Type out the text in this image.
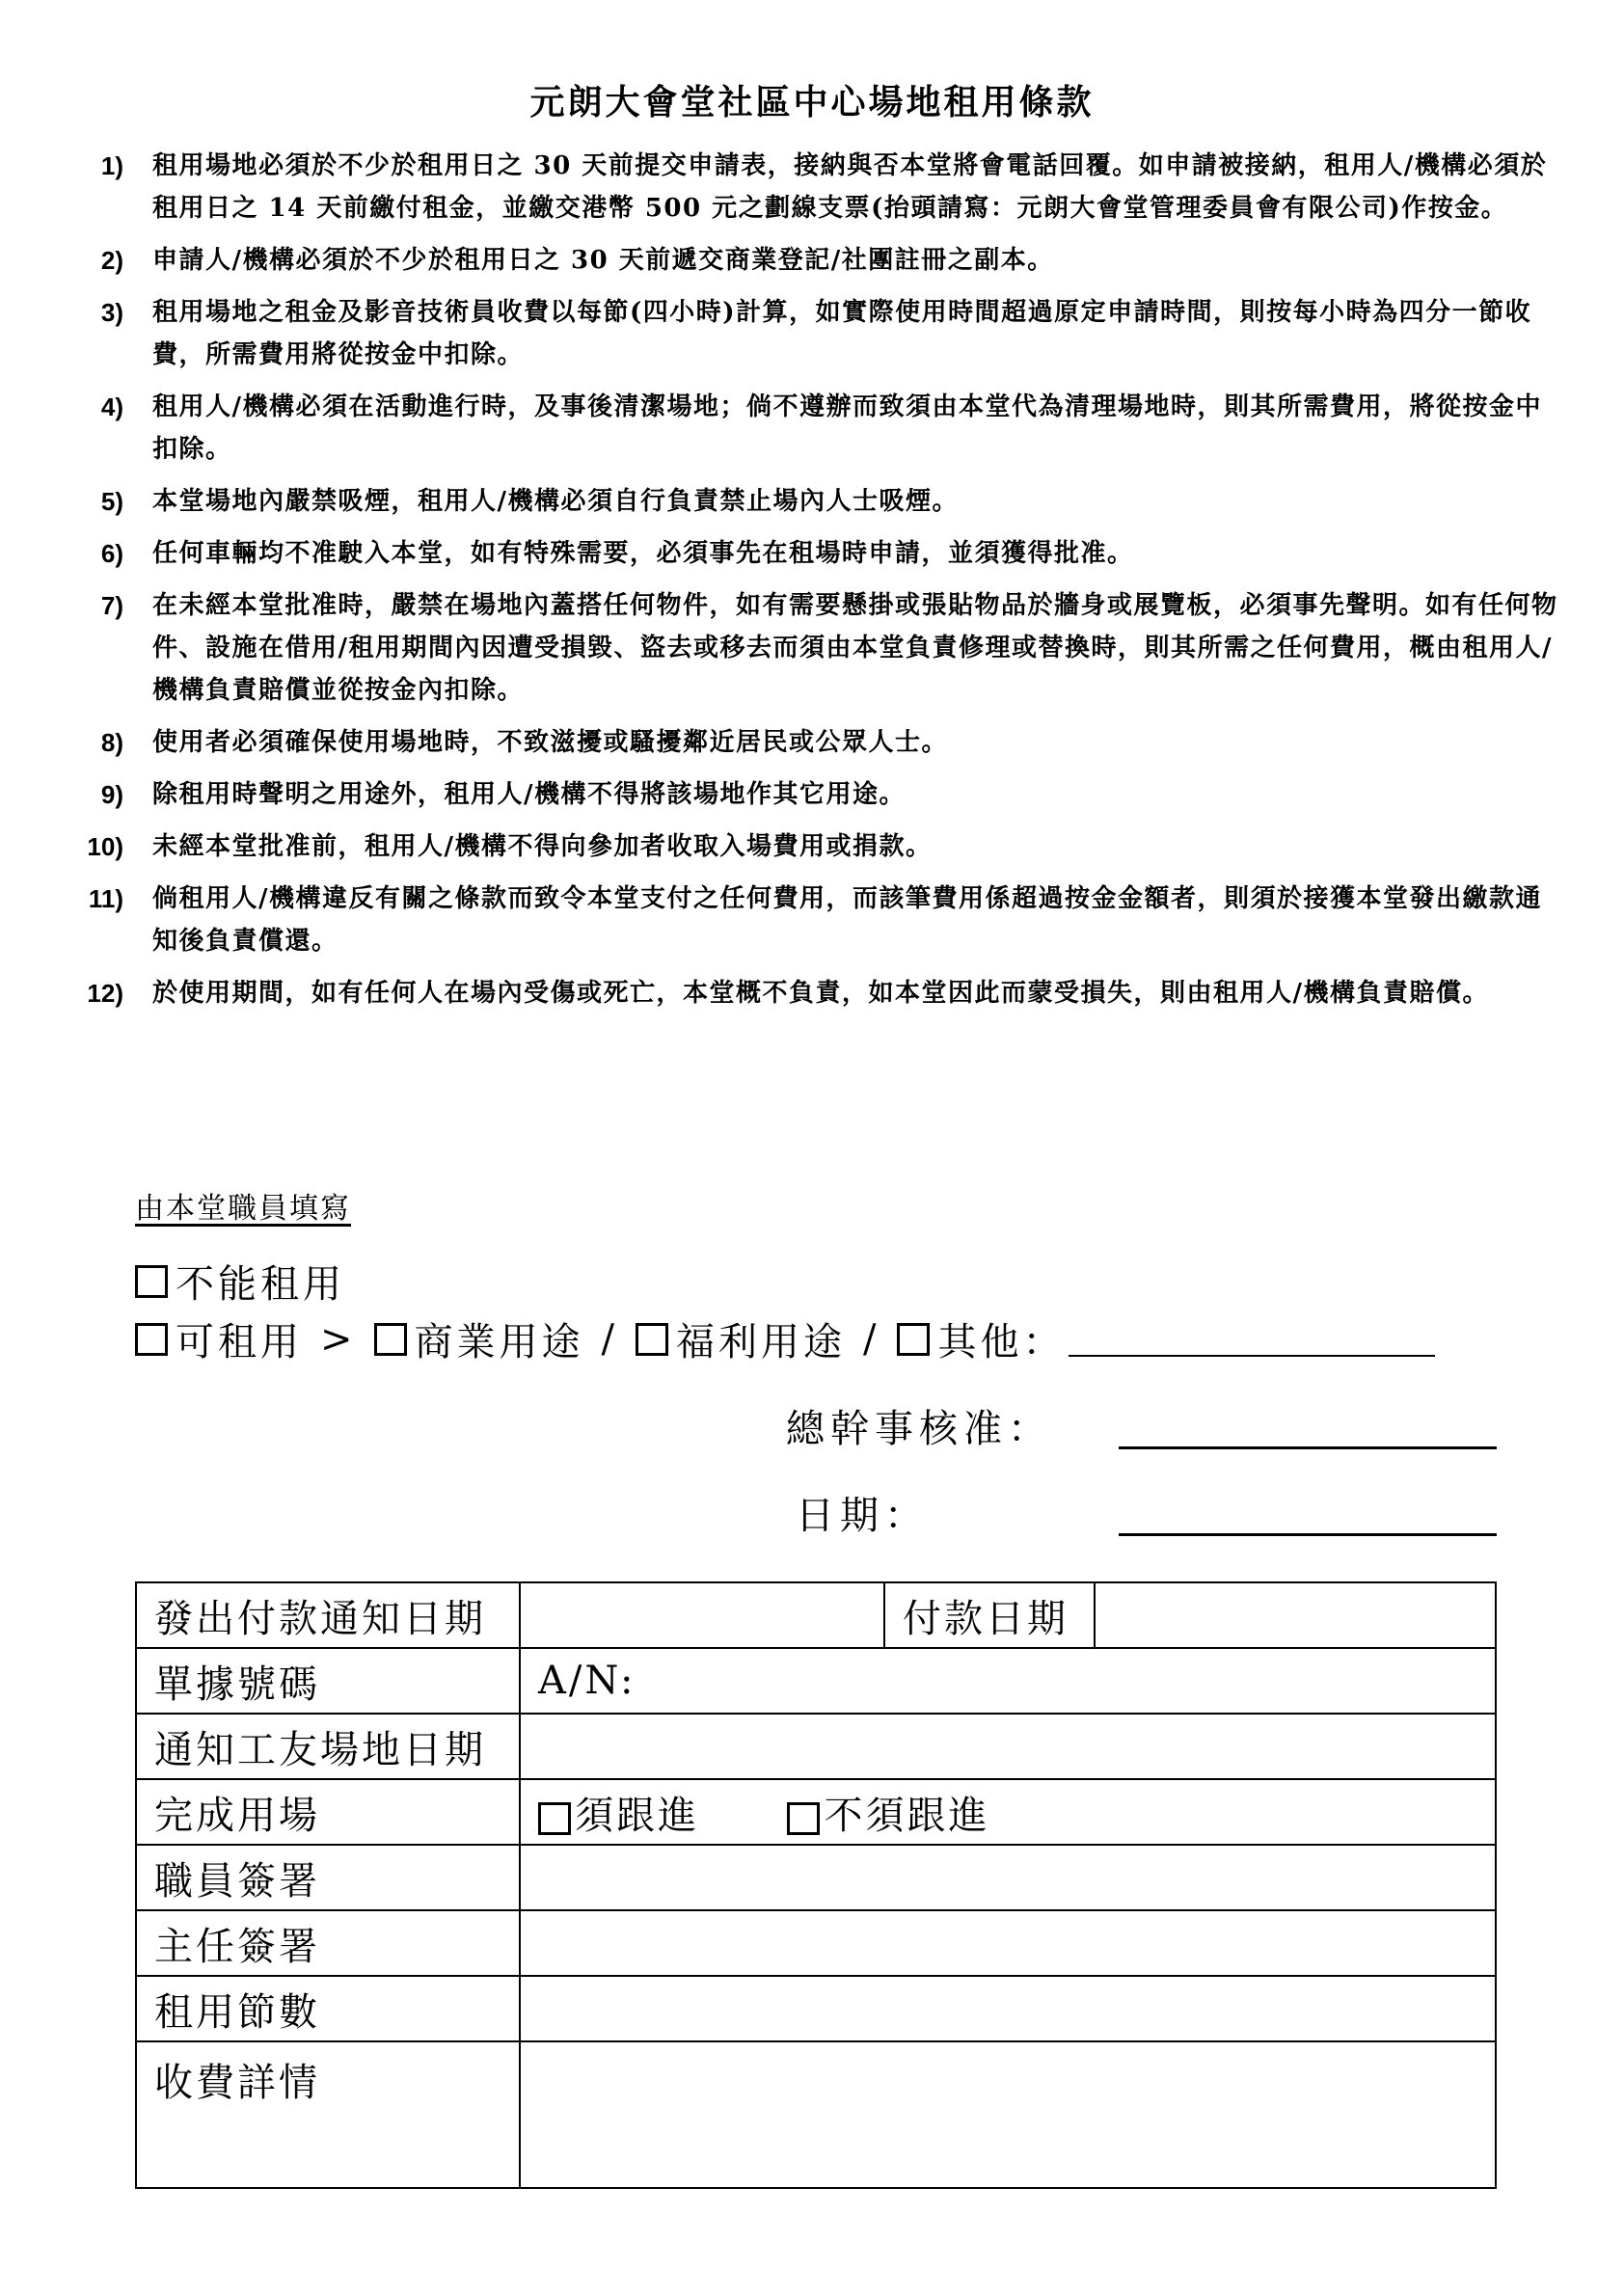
元朗大會堂社區中心場地租用條款
1) 租用場地必須於不少於租用日之 30 天前提交申請表，接納與否本堂將會電話回覆。如申請被接納，租用人/機構必須於租用日之 14 天前繳付租金，並繳交港幣 500 元之劃線支票(抬頭請寫：元朗大會堂管理委員會有限公司)作按金。
2) 申請人/機構必須於不少於租用日之 30 天前遞交商業登記/社團註冊之副本。
3) 租用場地之租金及影音技術員收費以每節(四小時)計算，如實際使用時間超過原定申請時間，則按每小時為四分一節收費，所需費用將從按金中扣除。
4) 租用人/機構必須在活動進行時，及事後清潔場地；倘不遵辦而致須由本堂代為清理場地時，則其所需費用，將從按金中扣除。
5) 本堂場地內嚴禁吸煙，租用人/機構必須自行負責禁止場內人士吸煙。
6) 任何車輛均不准駛入本堂，如有特殊需要，必須事先在租場時申請，並須獲得批准。
7) 在未經本堂批准時，嚴禁在場地內蓋搭任何物件，如有需要懸掛或張貼物品於牆身或展覽板，必須事先聲明。如有任何物件、設施在借用/租用期間內因遭受損毀、盜去或移去而須由本堂負責修理或替換時，則其所需之任何費用，概由租用人/機構負責賠償並從按金內扣除。
8) 使用者必須確保使用場地時，不致滋擾或騷擾鄰近居民或公眾人士。
9) 除租用時聲明之用途外，租用人/機構不得將該場地作其它用途。
10) 未經本堂批准前，租用人/機構不得向參加者收取入場費用或捐款。
11) 倘租用人/機構違反有關之條款而致令本堂支付之任何費用，而該筆費用係超過按金金額者，則須於接獲本堂發出繳款通知後負責償還。
12) 於使用期間，如有任何人在場內受傷或死亡，本堂概不負責，如本堂因此而蒙受損失，則由租用人/機構負責賠償。
由本堂職員填寫
不能租用
可租用 > 商業用途 / 福利用途 / 其他：
總幹事核准：
日期：
發出付款通知日期		付款日期	
單據號碼	A/N:		
通知工友場地日期			
完成用場	須跟進 不須跟進		
職員簽署			
主任簽署			
租用節數			
收費詳情			
